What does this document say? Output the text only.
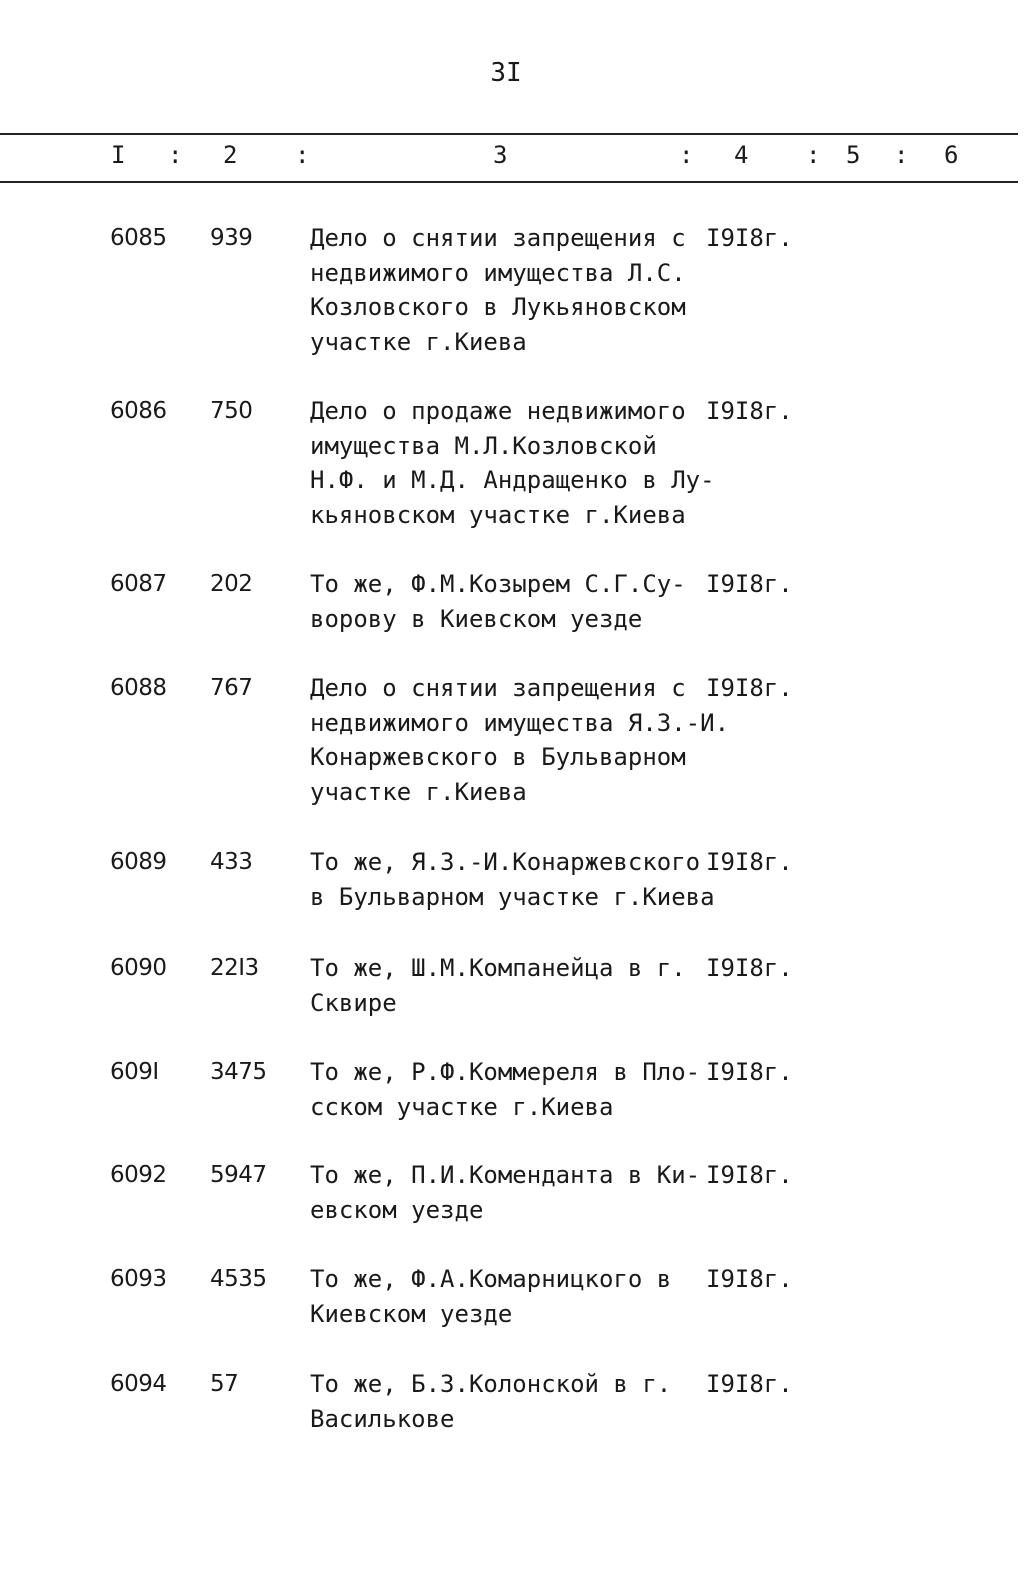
3I
I : 2 :	3	: 4 : 5 : 6
6085 939 Дело о снятии запрещения с
недвижимого имущества Л.С.
Козловского в Лукьяновском
участке г.Киева
I9I8г.
6086 750 Дело о продаже недвижимого
имущества М.Л.Козловской
Н.Ф. и М.Д. Андращенко в Лу-
кьяновском участке г.Киева
I9I8г.
6087 202 То же, Ф.М.Козырем С.Г.Су-
ворову в Киевском уезде
I9I8г.
6088 767 Дело о снятии запрещения с
недвижимого имущества Я.З.-И.
Конаржевского в Бульварном
участке г.Киева
I9I8г.
6089 433 То же, Я.З.-И.Конаржевского
в Бульварном участке г.Киева
I9I8г.
6090 22I3 То же, Ш.М.Компанейца в г.
Сквире
I9I8г.
609I 3475 То же, Р.Ф.Коммереля в Пло-
сском участке г.Киева
I9I8г.
6092 5947 То же, П.И.Коменданта в Ки-
евском уезде
I9I8г.
6093 4535 То же, Ф.А.Комарницкого в
Киевском уезде
I9I8г.
6094 57	То же, Б.З.Колонской в г.
Василькове
I9I8г.
